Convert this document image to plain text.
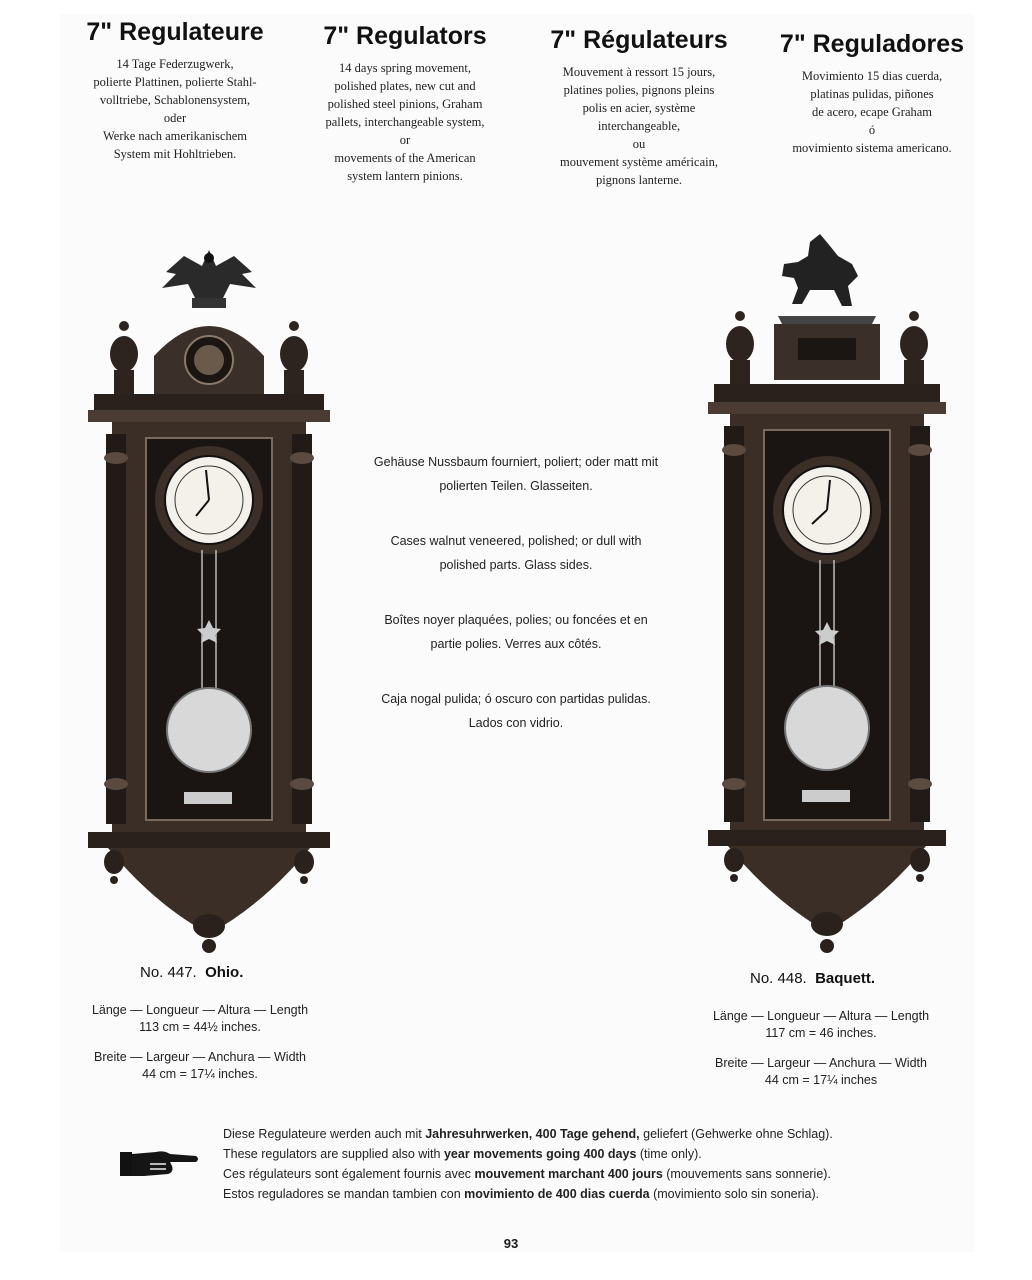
7" Regulateure
14 Tage Federzugwerk,
polierte Plattinen, polierte Stahl-
volltriebe, Schablonensystem,
oder
Werke nach amerikanischem
System mit Hohltrieben.
7" Regulators
14 days spring movement,
polished plates, new cut and
polished steel pinions, Graham
pallets, interchangeable system,
or
movements of the American
system lantern pinions.
7" Régulateurs
Mouvement à ressort 15 jours,
platines polies, pignons pleins
polis en acier, système
interchangeable,
ou
mouvement système américain,
pignons lanterne.
7" Reguladores
Movimiento 15 dias cuerda,
platinas pulidas, piñones
de acero, ecape Graham
ó
movimiento sistema americano.

Gehäuse Nussbaum fourniert, poliert; oder matt mit
polierten Teilen. Glasseiten.

Cases walnut veneered, polished; or dull with
polished parts. Glass sides.

Boîtes noyer plaquées, polies; ou foncées et en
partie polies. Verres aux côtés.

Caja nogal pulida; ó oscuro con partidas pulidas.
Lados con vidrio.

No. 447. Ohio.
Länge — Longueur — Altura — Length
113 cm = 44½ inches.
Breite — Largeur — Anchura — Width
44 cm = 17¼ inches.
No. 448. Baquett.
Länge — Longueur — Altura — Length
117 cm = 46 inches.
Breite — Largeur — Anchura — Width
44 cm = 17¼ inches
Diese Regulateure werden auch mit Jahresuhrwerken, 400 Tage gehend, geliefert (Gehwerke ohne Schlag).
These regulators are supplied also with year movements going 400 days (time only).
Ces régulateurs sont également fournis avec mouvement marchant 400 jours (mouvements sans sonnerie).
Estos reguladores se mandan tambien con movimiento de 400 dias cuerda (movimiento solo sin soneria).
93
